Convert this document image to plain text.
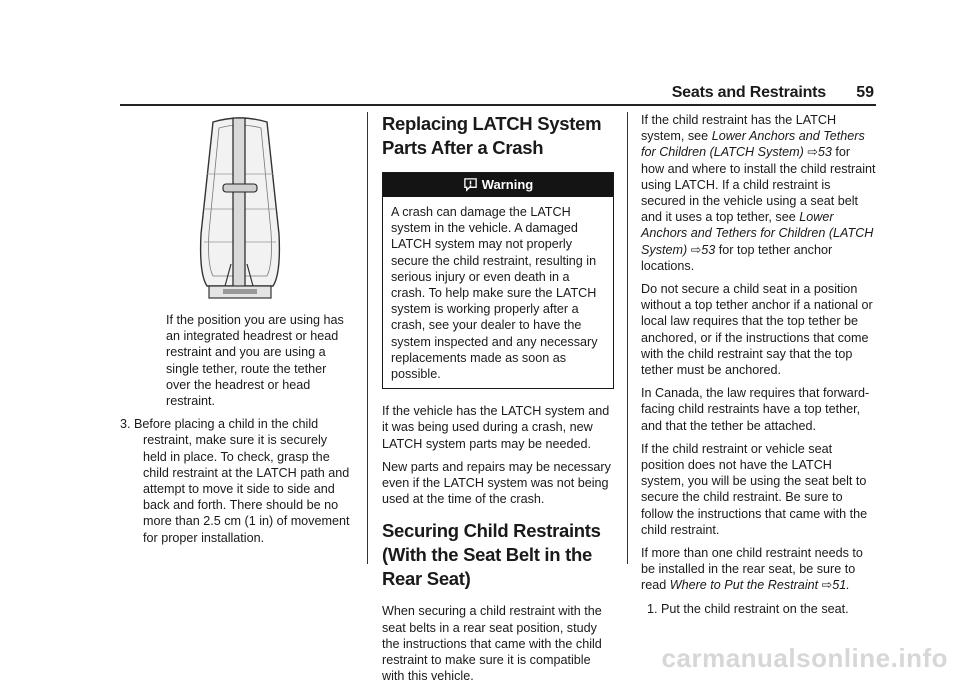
Seats and Restraints 59

If the position you are using has an integrated headrest or head restraint and you are using a single tether, route the tether over the headrest or head restraint.

3. Before placing a child in the child restraint, make sure it is securely held in place. To check, grasp the child restraint at the LATCH path and attempt to move it side to side and back and forth. There should be no more than 2.5 cm (1 in) of movement for proper installation.

Replacing LATCH System Parts After a Crash
Warning
A crash can damage the LATCH system in the vehicle. A damaged LATCH system may not properly secure the child restraint, resulting in serious injury or even death in a crash. To help make sure the LATCH system is working properly after a crash, see your dealer to have the system inspected and any necessary replacements made as soon as possible.

If the vehicle has the LATCH system and it was being used during a crash, new LATCH system parts may be needed.

New parts and repairs may be necessary even if the LATCH system was not being used at the time of the crash.

Securing Child Restraints (With the Seat Belt in the Rear Seat)

When securing a child restraint with the seat belts in a rear seat position, study the instructions that came with the child restraint to make sure it is compatible with this vehicle.

If the child restraint has the LATCH system, see Lower Anchors and Tethers for Children (LATCH System) ⇨53 for how and where to install the child restraint using LATCH. If a child restraint is secured in the vehicle using a seat belt and it uses a top tether, see Lower Anchors and Tethers for Children (LATCH System) ⇨53 for top tether anchor locations.

Do not secure a child seat in a position without a top tether anchor if a national or local law requires that the top tether be anchored, or if the instructions that come with the child restraint say that the top tether must be anchored.

In Canada, the law requires that forward-facing child restraints have a top tether, and that the tether be attached.

If the child restraint or vehicle seat position does not have the LATCH system, you will be using the seat belt to secure the child restraint. Be sure to follow the instructions that came with the child restraint.

If more than one child restraint needs to be installed in the rear seat, be sure to read Where to Put the Restraint ⇨51.

1. Put the child restraint on the seat.

carmanualsonline.info
